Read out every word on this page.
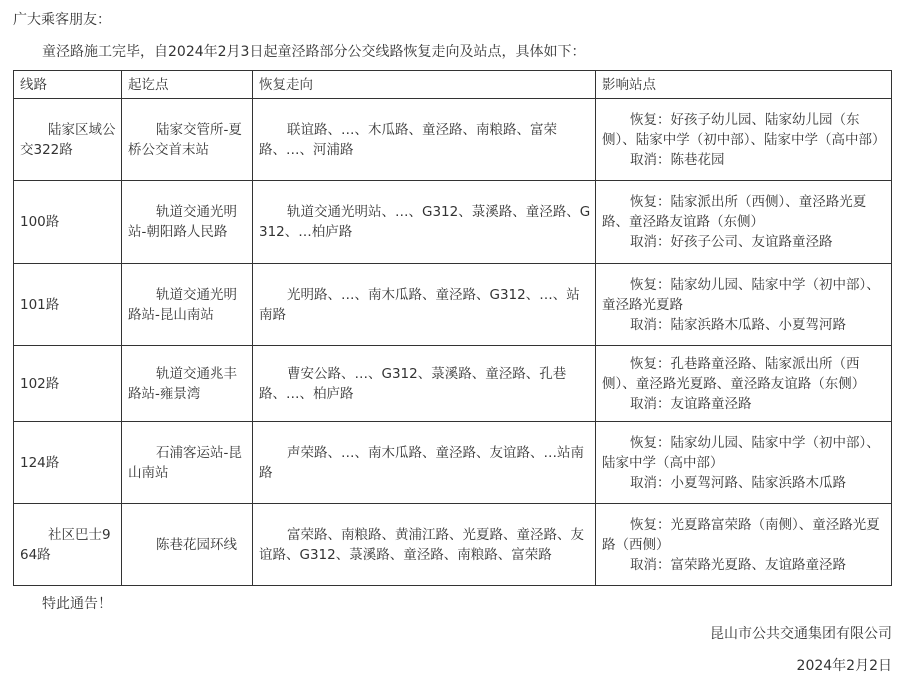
广大乘客朋友：
童泾路施工完毕，自2024年2月3日起童泾路部分公交线路恢复走向及站点，具体如下：
线路	起讫点	恢复走向	影响站点
陆家区域公交322路	陆家交管所-夏桥公交首末站	联谊路、…、木瓜路、童泾路、南粮路、富荣路、…、河浦路	恢复：好孩子幼儿园、陆家幼儿园（东侧）、陆家中学（初中部）、陆家中学（高中部）
取消：陈巷花园

100路	轨道交通光明站-朝阳路人民路	轨道交通光明站、…、G312、菉溪路、童泾路、G312、…柏庐路	恢复：陆家派出所（西侧）、童泾路光夏路、童泾路友谊路（东侧）
取消：好孩子公司、友谊路童泾路

101路	轨道交通光明路站-昆山南站	光明路、…、南木瓜路、童泾路、G312、…、站南路	恢复：陆家幼儿园、陆家中学（初中部）、童泾路光夏路
取消：陆家浜路木瓜路、小夏驾河路

102路	轨道交通兆丰路站-雍景湾	曹安公路、…、G312、菉溪路、童泾路、孔巷路、…、柏庐路	恢复：孔巷路童泾路、陆家派出所（西侧）、童泾路光夏路、童泾路友谊路（东侧）
取消：友谊路童泾路

124路	石浦客运站-昆山南站	声荣路、…、南木瓜路、童泾路、友谊路、…站南路	恢复：陆家幼儿园、陆家中学（初中部）、陆家中学（高中部）
取消：小夏驾河路、陆家浜路木瓜路

社区巴士964路	陈巷花园环线	富荣路、南粮路、黄浦江路、光夏路、童泾路、友谊路、G312、菉溪路、童泾路、南粮路、富荣路	恢复：光夏路富荣路（南侧）、童泾路光夏路（西侧）
取消：富荣路光夏路、友谊路童泾路
特此通告！
昆山市公共交通集团有限公司
2024年2月2日
